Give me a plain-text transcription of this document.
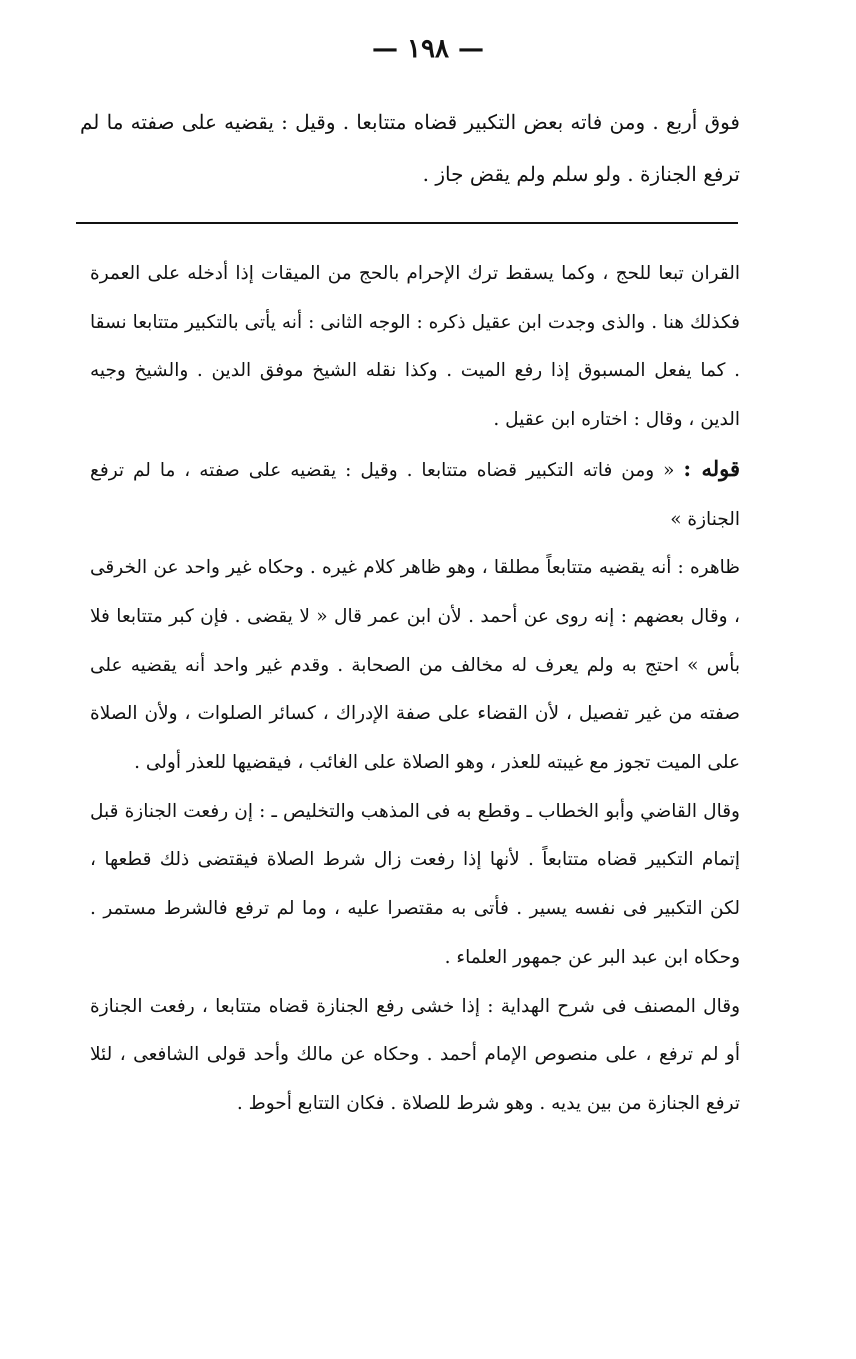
— ١٩٨ —

فوق أربع . ومن فاته بعض التكبير قضاه متتابعا . وقيل : يقضيه على صفته ما لم ترفع الجنازة . ولو سلم ولم يقض جاز .

القران تبعا للحج ، وكما يسقط ترك الإحرام بالحج من الميقات إذا أدخله على العمرة فكذلك هنا . والذى وجدت ابن عقيل ذكره : الوجه الثانى : أنه يأتى بالتكبير متتابعا نسقا . كما يفعل المسبوق إذا رفع الميت . وكذا نقله الشيخ موفق الدين . والشيخ وجيه الدين ، وقال : اختاره ابن عقيل .

قوله : « ومن فاته التكبير قضاه متتابعا . وقيل : يقضيه على صفته ، ما لم ترفع الجنازة »

ظاهره : أنه يقضيه متتابعاً مطلقا ، وهو ظاهر كلام غيره . وحكاه غير واحد عن الخرقى ، وقال بعضهم : إنه روى عن أحمد . لأن ابن عمر قال « لا يقضى . فإن كبر متتابعا فلا بأس » احتج به ولم يعرف له مخالف من الصحابة . وقدم غير واحد أنه يقضيه على صفته من غير تفصيل ، لأن القضاء على صفة الإدراك ، كسائر الصلوات ، ولأن الصلاة على الميت تجوز مع غيبته للعذر ، وهو الصلاة على الغائب ، فيقضيها للعذر أولى .

وقال القاضي وأبو الخطاب ـ وقطع به فى المذهب والتخليص ـ : إن رفعت الجنازة قبل إتمام التكبير قضاه متتابعاً . لأنها إذا رفعت زال شرط الصلاة فيقتضى ذلك قطعها ، لكن التكبير فى نفسه يسير . فأتى به مقتصرا عليه ، وما لم ترفع فالشرط مستمر . وحكاه ابن عبد البر عن جمهور العلماء .

وقال المصنف فى شرح الهداية : إذا خشى رفع الجنازة قضاه متتابعا ، رفعت الجنازة أو لم ترفع ، على منصوص الإمام أحمد . وحكاه عن مالك وأحد قولى الشافعى ، لئلا ترفع الجنازة من بين يديه . وهو شرط للصلاة . فكان التتابع أحوط .
